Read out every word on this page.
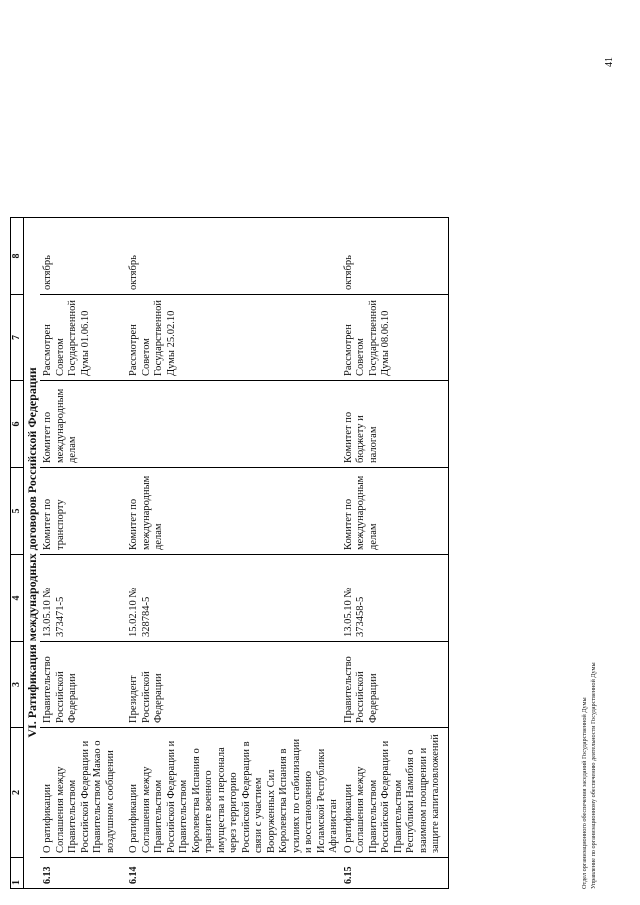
1	2	3	4	5	6	7	8
VI. Ратификация международных договоров Российской Федерации							
6.13	О ратификации Соглашения между Правительством Российской Федерации и Правительством Макао о воздушном сообщении	Правительство Российской Федерации	13.05.10 № 373471-5	Комитет по транспорту	Комитет по международным делам	Рассмотрен Советом Государственной Думы 01.06.10	октябрь
6.14	О ратификации Соглашения между Правительством Российской Федерации и Правительством Королевства Испания о транзите военного имущества и персонала через территорию Российской Федерации в связи с участием Вооруженных Сил Королевства Испания в усилиях по стабилизации и восстановлению Исламской Республики Афганистан	Президент Российской Федерации	15.02.10 № 328784-5	Комитет по международным делам		Рассмотрен Советом Государственной Думы 25.02.10	октябрь
6.15	О ратификации Соглашения между Правительством Российской Федерации и Правительством Республики Намибия о взаимном поощрении и защите капиталовложений	Правительство Российской Федерации	13.05.10 № 373458-5	Комитет по международным делам	Комитет по бюджету и налогам	Рассмотрен Советом Государственной Думы 08.06.10	октябрь
Отдел организационного обеспечения заседаний Государственной Думы Управление по организационному обеспечению деятельности Государственной Думы
41
